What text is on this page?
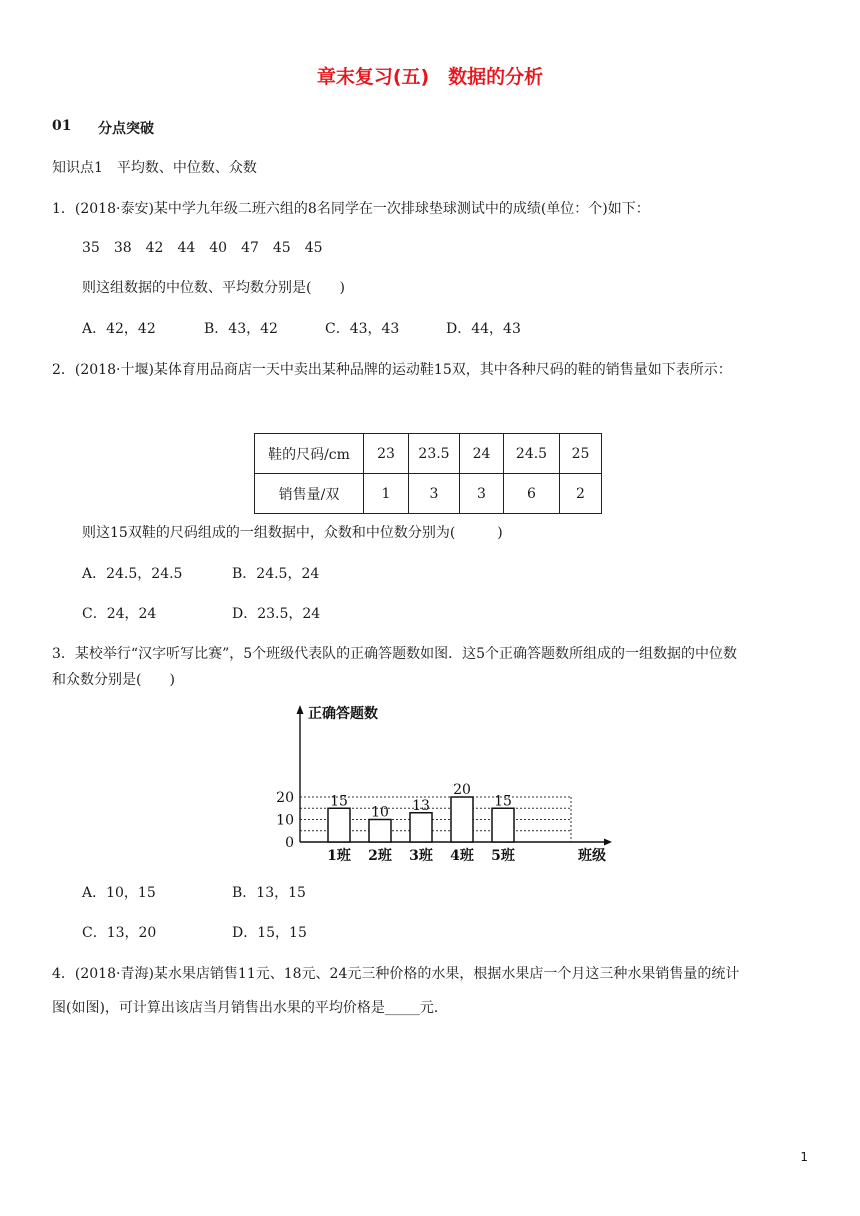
章末复习(五)　数据的分析
01 分点突破
知识点1　平均数、中位数、众数
1．(2018·泰安)某中学九年级二班六组的8名同学在一次排球垫球测试中的成绩(单位：个)如下：
35　38　42　44　40　47　45　45
则这组数据的中位数、平均数分别是(　　)
A．42，42	B．43，42	C．43，43	D．44，43
2．(2018·十堰)某体育用品商店一天中卖出某种品牌的运动鞋15双，其中各种尺码的鞋的销售量如下表所示：
鞋的尺码/cm	23	23.5	24	24.5	25
销售量/双	1	3	3	6	2
则这15双鞋的尺码组成的一组数据中，众数和中位数分别为(　　　)
A．24.5，24.5	B．24.5，24
C．24，24	D．23.5，24
3．某校举行“汉字听写比赛”，5个班级代表队的正确答题数如图．这5个正确答题数所组成的一组数据的中位数
和众数分别是(　　)
正确答题数
班级
0
10
20	15
10 13
20
15
1班 2班 3班 4班 5班
A．10，15	B．13，15
C．13，20	D．15，15
4．(2018·青海)某水果店销售11元、18元、24元三种价格的水果，根据水果店一个月这三种水果销售量的统计
图(如图)，可计算出该店当月销售出水果的平均价格是_____元．
1
